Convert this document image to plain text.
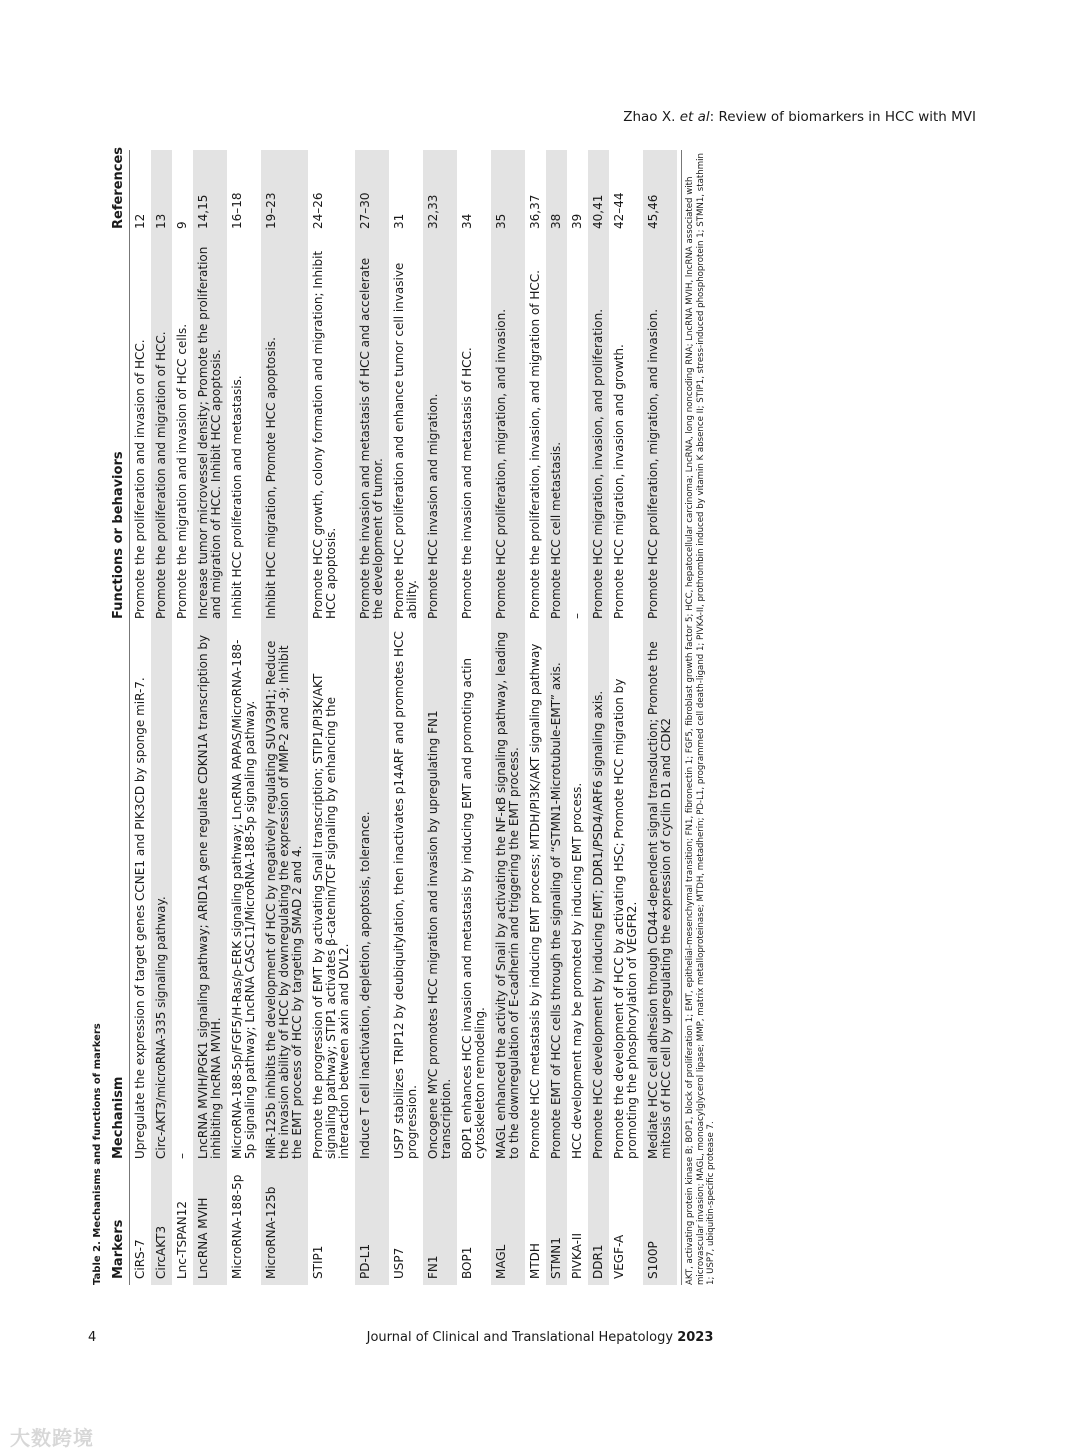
Zhao X. et al: Review of biomarkers in HCC with MVI
Table 2. Mechanisms and functions of markers Markers	Mechanism	Functions or behaviors	References
CiRS-7	Upregulate the expression of target genes CCNE1 and PIK3CD by sponge miR-7.	Promote the proliferation and invasion of HCC.	12
CircAKT3	Circ-AKT3/microRNA-335 signaling pathway.	Promote the proliferation and migration of HCC.	13
Lnc-TSPAN12	–	Promote the migration and invasion of HCC cells.	9
LncRNA MVIH	LncRNA MVIH/PGK1 signaling pathway; ARID1A gene regulate CDKN1A transcription by inhibiting lncRNA MVIH.	Increase tumor microvessel density; Promote the proliferation and migration of HCC. Inhibit HCC apoptosis.	14,15
MicroRNA-188-5p	MicroRNA-188-5p/FGF5/H-Ras/p-ERK signaling pathway; LncRNA PAPAS/MicroRNA-188-5p signaling pathway; LncRNA CASC11/MicroRNA-188-5p signaling pathway.	Inhibit HCC proliferation and metastasis.	16–18
MicroRNA-125b	MiR-125b inhibits the development of HCC by negatively regulating SUV39H1; Reduce the invasion ability of HCC by downregulating the expression of MMP-2 and -9; Inhibit the EMT process of HCC by targeting SMAD 2 and 4.	Inhibit HCC migration, Promote HCC apoptosis.	19–23
STIP1	Promote the progression of EMT by activating Snail transcription; STIP1/PI3K/AKT signaling pathway; STIP1 activates β-catenin/TCF signaling by enhancing the interaction between axin and DVL2.	Promote HCC growth, colony formation and migration; Inhibit HCC apoptosis.	24–26
PD-L1	Induce T cell inactivation, depletion, apoptosis, tolerance.	Promote the invasion and metastasis of HCC and accelerate the development of tumor.	27–30
USP7	USP7 stabilizes TRIP12 by deubiquitylation, then inactivates p14ARF and promotes HCC progression.	Promote HCC proliferation and enhance tumor cell invasive ability.	31
FN1	Oncogene MYC promotes HCC migration and invasion by upregulating FN1 transcription.	Promote HCC invasion and migration.	32,33
BOP1	BOP1 enhances HCC invasion and metastasis by inducing EMT and promoting actin cytoskeleton remodeling.	Promote the invasion and metastasis of HCC.	34
MAGL	MAGL enhanced the activity of Snail by activating the NF-κB signaling pathway, leading to the downregulation of E-cadherin and triggering the EMT process.	Promote HCC proliferation, migration, and invasion.	35
MTDH	Promote HCC metastasis by inducing EMT process; MTDH/PI3K/AKT signaling pathway	Promote the proliferation, invasion, and migration of HCC.	36,37
STMN1	Promote EMT of HCC cells through the signaling of “STMN1-Microtubule-EMT” axis.	Promote HCC cell metastasis.	38
PIVKA-II	HCC development may be promoted by inducing EMT process.	–	39
DDR1	Promote HCC development by inducing EMT; DDR1/PSD4/ARF6 signaling axis.	Promote HCC migration, invasion, and proliferation.	40,41
VEGF-A	Promote the development of HCC by activating HSC; Promote HCC migration by promoting the phosphorylation of VEGFR2.	Promote HCC migration, invasion and growth.	42–44
S100P	Mediate HCC cell adhesion through CD44-dependent signal transduction; Promote the mitosis of HCC cell by upregulating the expression of cyclin D1 and CDK2	Promote HCC proliferation, migration, and invasion.	45,46	AKT, activating protein kinase B; BOP1, block of proliferation 1; EMT, epithelial-mesenchymal transition; FN1, fibronectin 1; FGF5, fibroblast growth factor 5; HCC, hepatocellular carcinoma; LncRNA, long noncoding RNA; LncRNA MVIH, lncRNA associated with microvascular invasion; MAGL, monoacylglycerol lipase; MMP, matrix metalloproteinase; MTDH, metadherin; PD-L1, programmed cell death-ligand 1; PIVKA-II, prothrombin induced by vitamin K absence II; STIP1, stress-induced phosphoprotein 1; STMN1, stathmin 1; USP7, ubiquitin-specific protease 7.
4	Journal of Clinical and Translational Hepatology 2023
大数跨境
